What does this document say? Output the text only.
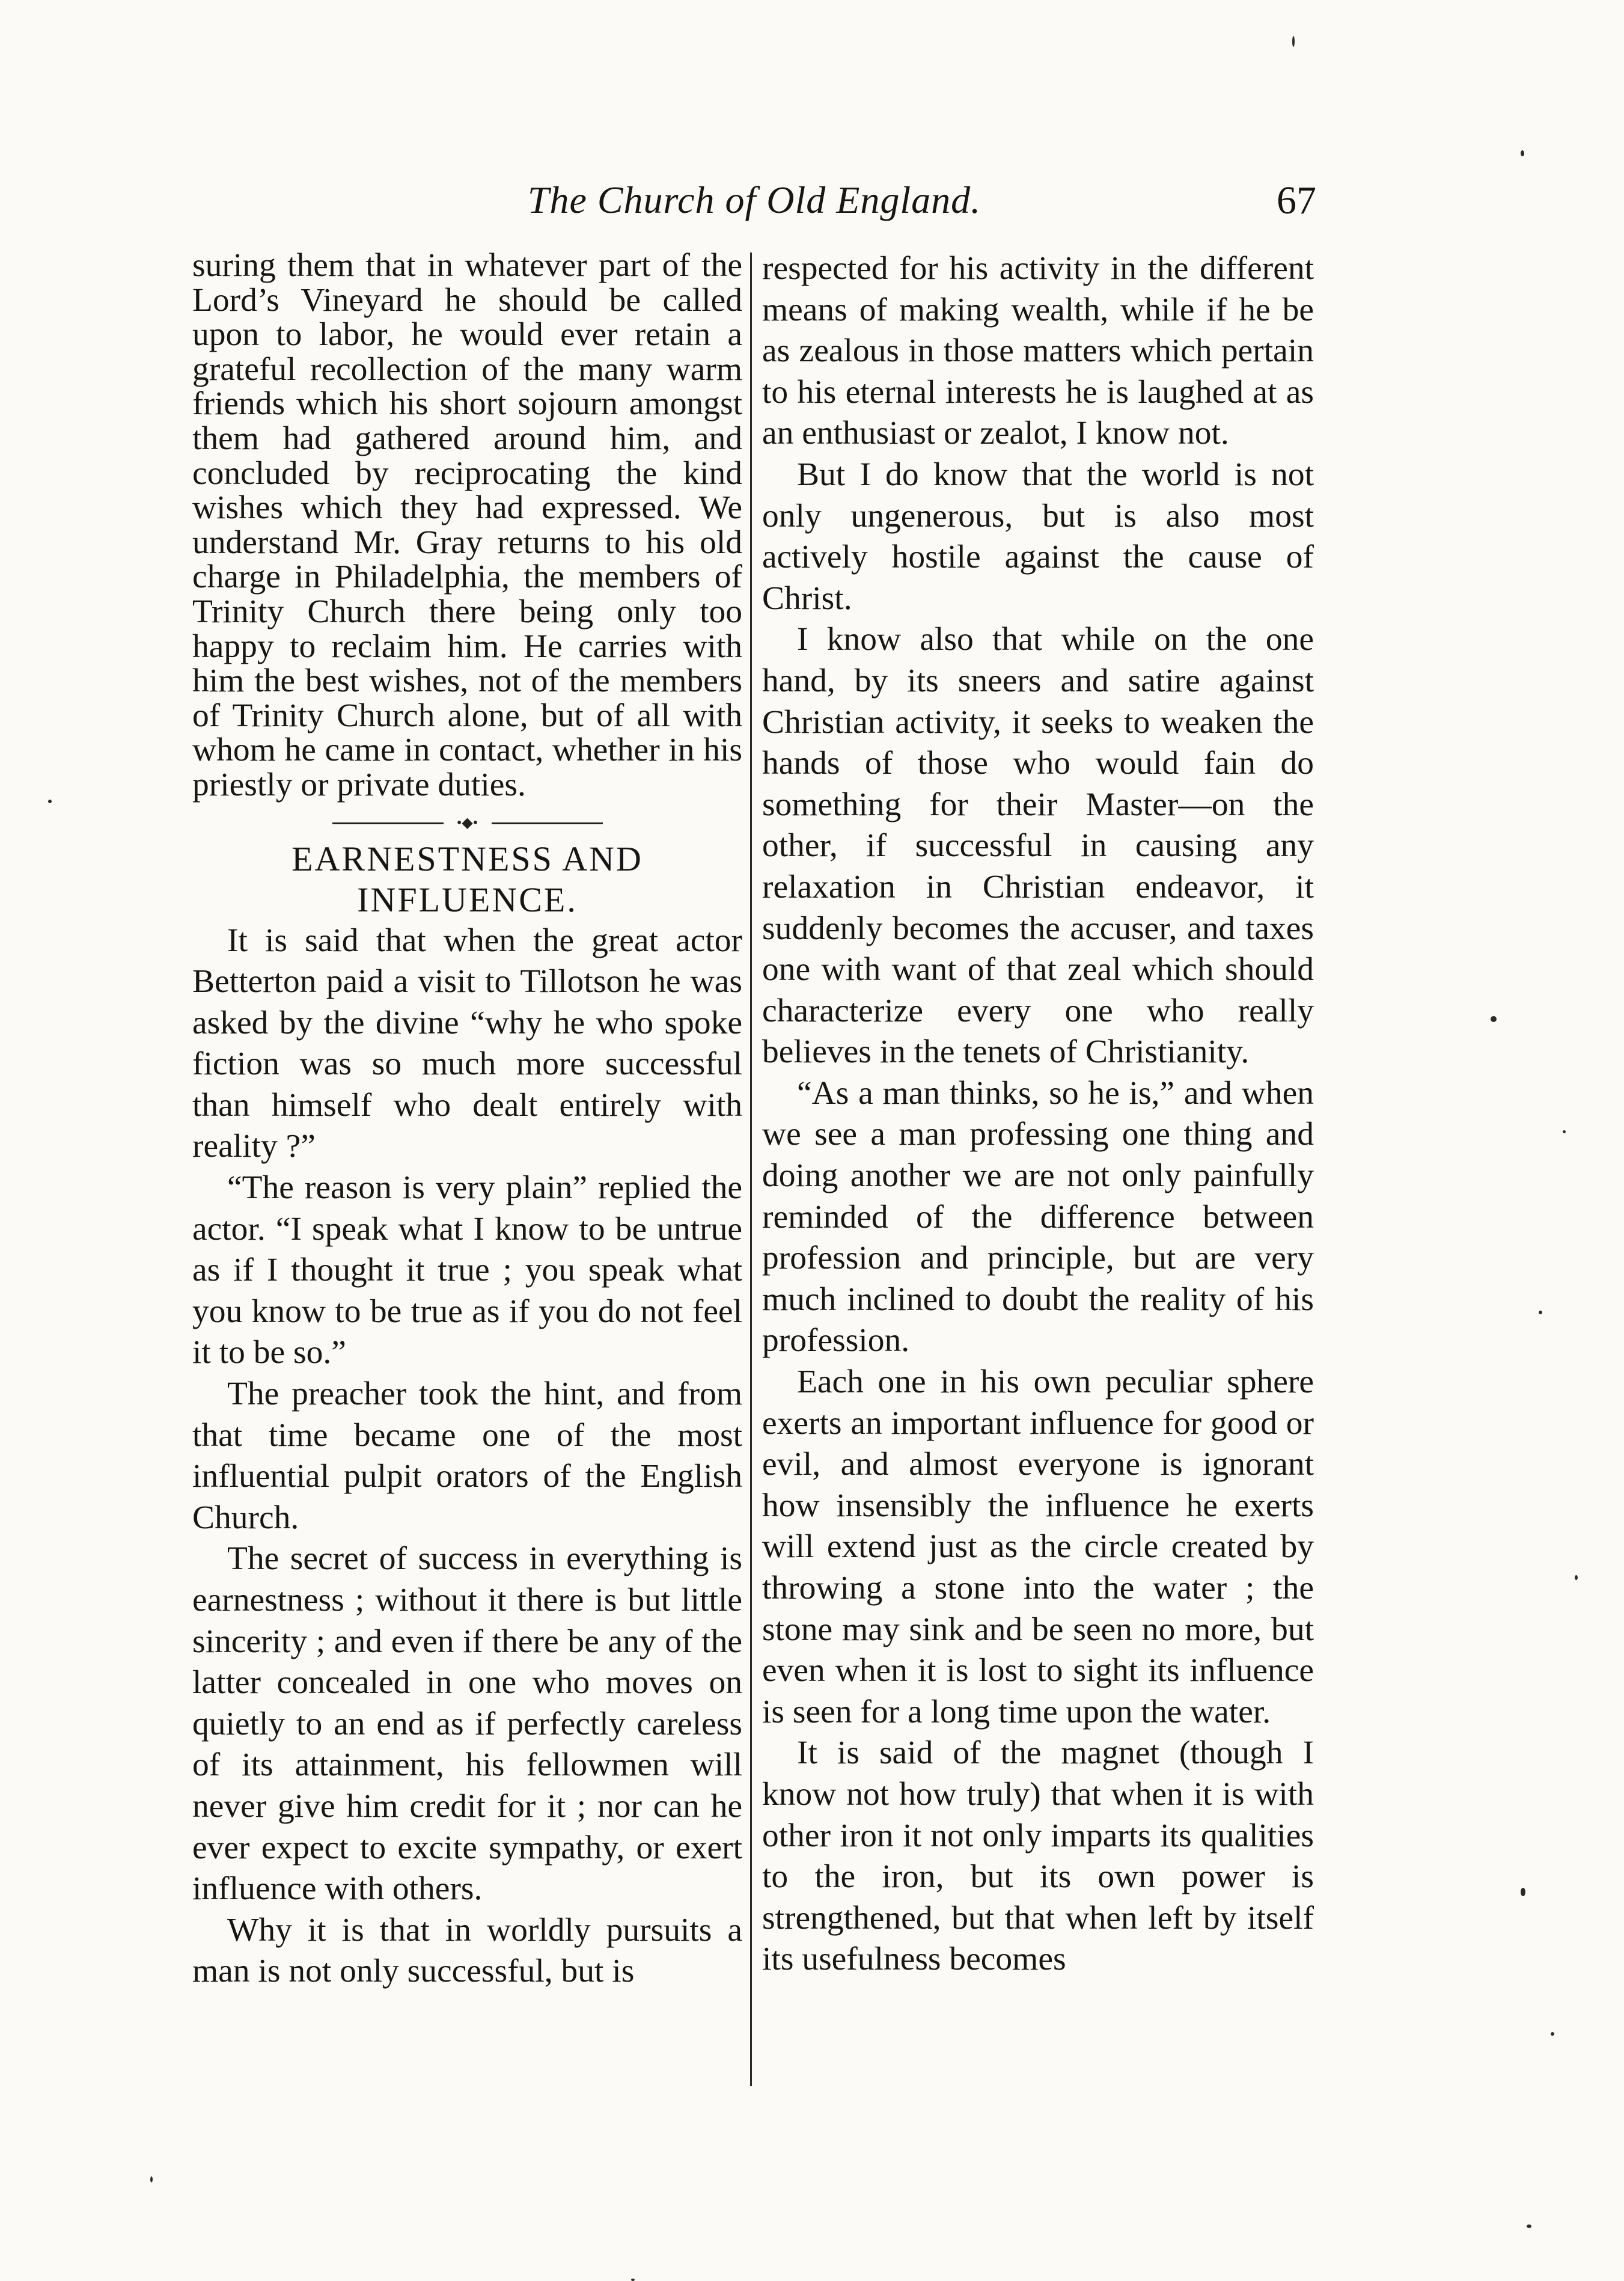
The Church of Old England.	67

suring them that in whatever part of the Lord’s Vineyard he should be called upon to labor, he would ever retain a grateful recollection of the many warm friends which his short sojourn amongst them had gathered around him, and concluded by reciprocating the kind wishes which they had expressed. We understand Mr. Gray returns to his old charge in Philadelphia, the members of Trinity Church there being only too happy to reclaim him. He carries with him the best wishes, not of the members of Trinity Church alone, but of all with whom he came in contact, whether in his priestly or private duties.

•◆•

EARNESTNESS AND INFLUENCE.

It is said that when the great actor Betterton paid a visit to Tillotson he was asked by the divine “why he who spoke fiction was so much more successful than himself who dealt entirely with reality ?”

“The reason is very plain” replied the actor. “I speak what I know to be untrue as if I thought it true ; you speak what you know to be true as if you do not feel it to be so.”

The preacher took the hint, and from that time became one of the most influential pulpit orators of the English Church.

The secret of success in everything is earnestness ; without it there is but little sincerity ; and even if there be any of the latter concealed in one who moves on quietly to an end as if perfectly careless of its attainment, his fellowmen will never give him credit for it ; nor can he ever expect to excite sympathy, or exert influence with others.

Why it is that in worldly pursuits a man is not only successful, but is

respected for his activity in the different means of making wealth, while if he be as zealous in those matters which pertain to his eternal interests he is laughed at as an enthusiast or zealot, I know not.

But I do know that the world is not only ungenerous, but is also most actively hostile against the cause of Christ.

I know also that while on the one hand, by its sneers and satire against Christian activity, it seeks to weaken the hands of those who would fain do something for their Master—on the other, if successful in causing any relaxation in Christian endeavor, it suddenly becomes the accuser, and taxes one with want of that zeal which should characterize every one who really believes in the tenets of Christianity.

“As a man thinks, so he is,” and when we see a man professing one thing and doing another we are not only painfully reminded of the difference between profession and principle, but are very much inclined to doubt the reality of his profession.

Each one in his own peculiar sphere exerts an important influence for good or evil, and almost everyone is ignorant how insensibly the influence he exerts will extend just as the circle created by throwing a stone into the water ; the stone may sink and be seen no more, but even when it is lost to sight its influence is seen for a long time upon the water.

It is said of the magnet (though I know not how truly) that when it is with other iron it not only imparts its qualities to the iron, but its own power is strengthened, but that when left by itself its usefulness becomes
